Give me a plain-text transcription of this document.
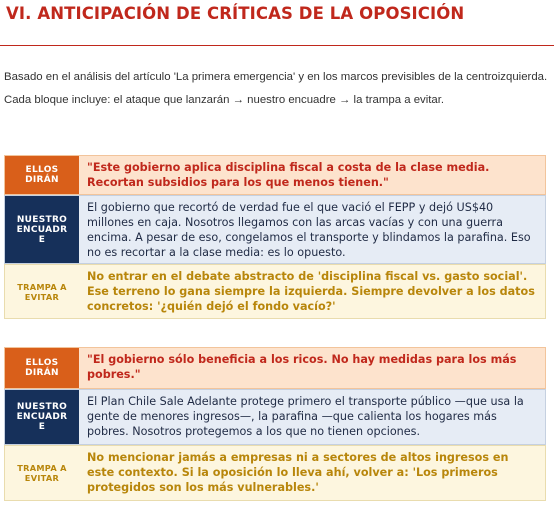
VI. ANTICIPACIÓN DE CRÍTICAS DE LA OPOSICIÓN
Basado en el análisis del artículo 'La primera emergencia' y en los marcos previsibles de la centroizquierda. Cada bloque incluye: el ataque que lanzarán → nuestro encuadre → la trampa a evitar.
ELLOS
DIRÁN
"Este gobierno aplica disciplina fiscal a costa de la clase media. Recortan subsidios para los que menos tienen."
NUESTRO
ENCUADR
E
El gobierno que recortó de verdad fue el que vació el FEPP y dejó US$40 millones en caja. Nosotros llegamos con las arcas vacías y con una guerra encima. A pesar de eso, congelamos el transporte y blindamos la parafina. Eso no es recortar a la clase media: es lo opuesto.
TRAMPA A
EVITAR
No entrar en el debate abstracto de 'disciplina fiscal vs. gasto social'. Ese terreno lo gana siempre la izquierda. Siempre devolver a los datos concretos: '¿quién dejó el fondo vacío?'
ELLOS
DIRÁN
"El gobierno sólo beneficia a los ricos. No hay medidas para los más pobres."
NUESTRO
ENCUADR
E
El Plan Chile Sale Adelante protege primero el transporte público —que usa la gente de menores ingresos—, la parafina —que calienta los hogares más pobres. Nosotros protegemos a los que no tienen opciones.
TRAMPA A
EVITAR
No mencionar jamás a empresas ni a sectores de altos ingresos en este contexto. Si la oposición lo lleva ahí, volver a: 'Los primeros protegidos son los más vulnerables.'
